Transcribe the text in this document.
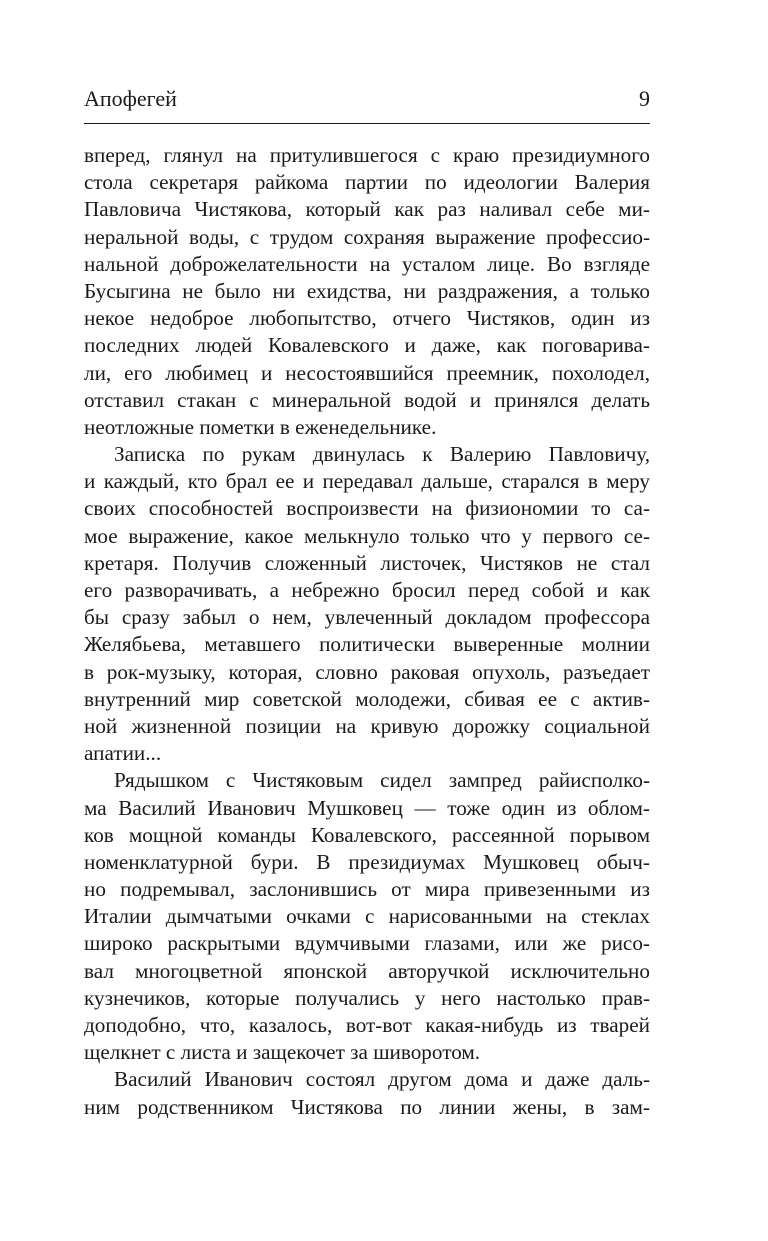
Апофегей	9
вперед, глянул на притулившегося с краю президиумного
стола секретаря райкома партии по идеологии Валерия
Павловича Чистякова, который как раз наливал себе ми-
неральной воды, с трудом сохраняя выражение профессио-
нальной доброжелательности на усталом лице. Во взгляде
Бусыгина не было ни ехидства, ни раздражения, а только
некое недоброе любопытство, отчего Чистяков, один из
последних людей Ковалевского и даже, как поговарива-
ли, его любимец и несостоявшийся преемник, похолодел,
отставил стакан с минеральной водой и принялся делать
неотложные пометки в еженедельнике.
Записка по рукам двинулась к Валерию Павловичу,
и каждый, кто брал ее и передавал дальше, старался в меру
своих способностей воспроизвести на физиономии то са-
мое выражение, какое мелькнуло только что у первого се-
кретаря. Получив сложенный листочек, Чистяков не стал
его разворачивать, а небрежно бросил перед собой и как
бы сразу забыл о нем, увлеченный докладом профессора
Желябьева, метавшего политически выверенные молнии
в рок-музыку, которая, словно раковая опухоль, разъедает
внутренний мир советской молодежи, сбивая ее с актив-
ной жизненной позиции на кривую дорожку социальной
апатии...
Рядышком с Чистяковым сидел зампред райисполко-
ма Василий Иванович Мушковец — тоже один из облом-
ков мощной команды Ковалевского, рассеянной порывом
номенклатурной бури. В президиумах Мушковец обыч-
но подремывал, заслонившись от мира привезенными из
Италии дымчатыми очками с нарисованными на стеклах
широко раскрытыми вдумчивыми глазами, или же рисо-
вал многоцветной японской авторучкой исключительно
кузнечиков, которые получались у него настолько прав-
доподобно, что, казалось, вот-вот какая-нибудь из тварей
щелкнет с листа и защекочет за шиворотом.
Василий Иванович состоял другом дома и даже даль-
ним родственником Чистякова по линии жены, в зам-
